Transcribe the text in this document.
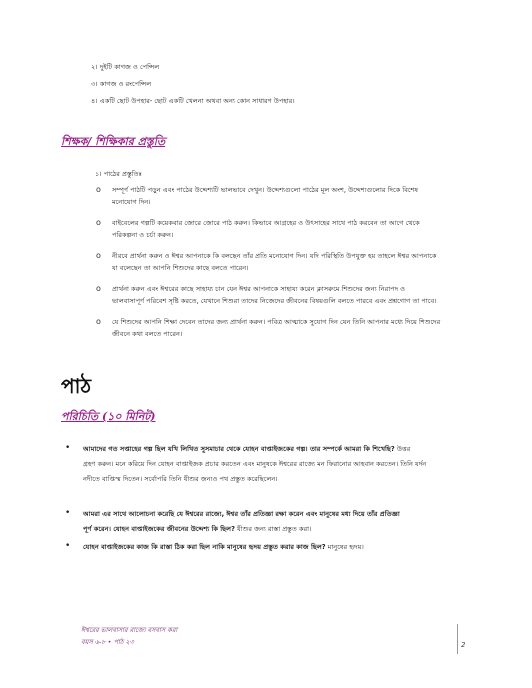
২। দুইটি কাগজ ও পেন্সিল
৩। কাগজ ও রংপেন্সিল
৪। একটি ছোট উপহার- ছোট একটি খেলনা অথবা অন্য কোন সাধারণ উপহার।
শিক্ষক/ শিক্ষিকার প্রস্তুতি
১। পাঠের প্রস্তুতিঃ
o সম্পূর্ণ পাঠটি পড়ুন এবং পাঠের উদ্দেশ্যটি ভালভাবে দেখুন। উদ্দেশ্যগুলো পাঠের মূল অংশ, উদ্দেশ্যগুলোর দিকে বিশেষ
মনোযোগ দিন।
o বাইবেলের গল্পটি কয়েকবার জোরে জোরে পাঠ করুন। কিভাবে আগ্রহের ও উৎসাহের সাথে পাঠ করবেন তা আগে থেকে
পরিকল্পনা ও চর্চা করুন।
o নীরবে প্রার্থনা করুন ও ঈশ্বর আপনাকে কি বলছেন তাঁর প্রতি মনোযোগ দিন। যদি পরিস্থিতি উপযুক্ত হয় তাহলে ঈশ্বর আপনাকে
যা বলেছেন তা আপনি শিশুদের কাছে বলতে পারেন।
o প্রার্থনা করুন এবং ঈশ্বরের কাছে সাহায্য চান যেন ঈশ্বর আপনাকে সাহায্য করেন ক্লাসরুমে শিশুদের জন্য নিরাপদ ও
ভালবাসাপূর্ণ পরিবেশ সৃষ্টি করতে, যেখানে শিশুরা তাদের নিজেদের জীবনের বিষয়গুলি বলতে পারবে এবং প্রশ্নগোগ তা পাবে।
o যে শিশুদের আপনি শিক্ষা দেবেন তাদের জন্য প্রার্থনা করুন। পবিত্র আত্মাকে সুযোগ দিন যেন তিনি আপনার মধ্যে দিয়ে শিশুদের
জীবনে কথা বলতে পারেন।
পাঠ
পরিচিতি (১০ মিনিট)
• আমাদের গত সপ্তাহের গল্প ছিল যখি লিখিত সুসমাচার থেকে যোহন বাপ্তাইজকের গল্প। তার সম্পর্কে আমরা কি শিখেছি? উত্তর
গ্রহণ করুন। মনে করিয়ে দিন যোহন বাপ্তাইজক প্রচার করতেন এবং মানুষকে ঈশ্বরের রাজ্যে মন ফিরানোর আহবান করতেন। তিনি যর্দন
নদীতে বাপ্তিস্ম দিতেন। সর্বোপরি তিনি যীশুর জন্যও পথ প্রস্তুত করেছিলেন।
• আমরা এর সাথে আলোচনা করেছি যে ঈশ্বরের রাজ্যে, ঈশ্বর তাঁর প্রতিজ্ঞা রক্ষা করেন এবং মানুষের মধ্য দিয়ে তাঁর প্রতিজ্ঞা
পূর্ণ করেন। যোহন বাপ্তাইজকের জীবনের উদ্দেশ্য কি ছিল? যীশুর জন্য রাস্তা প্রস্তুত করা।
• যোহন বাপ্তাইজকের কাজ কি রাস্তা ঠিক করা ছিল নাকি মানুষের হৃদয় প্রস্তুত করার কাজ ছিল? মানুষের হৃদয়।
ঈশ্বরের ভালবাসার রাজ্যে বসবাস করা
বয়স ৬-৮ • পাঠ ২৩	2
